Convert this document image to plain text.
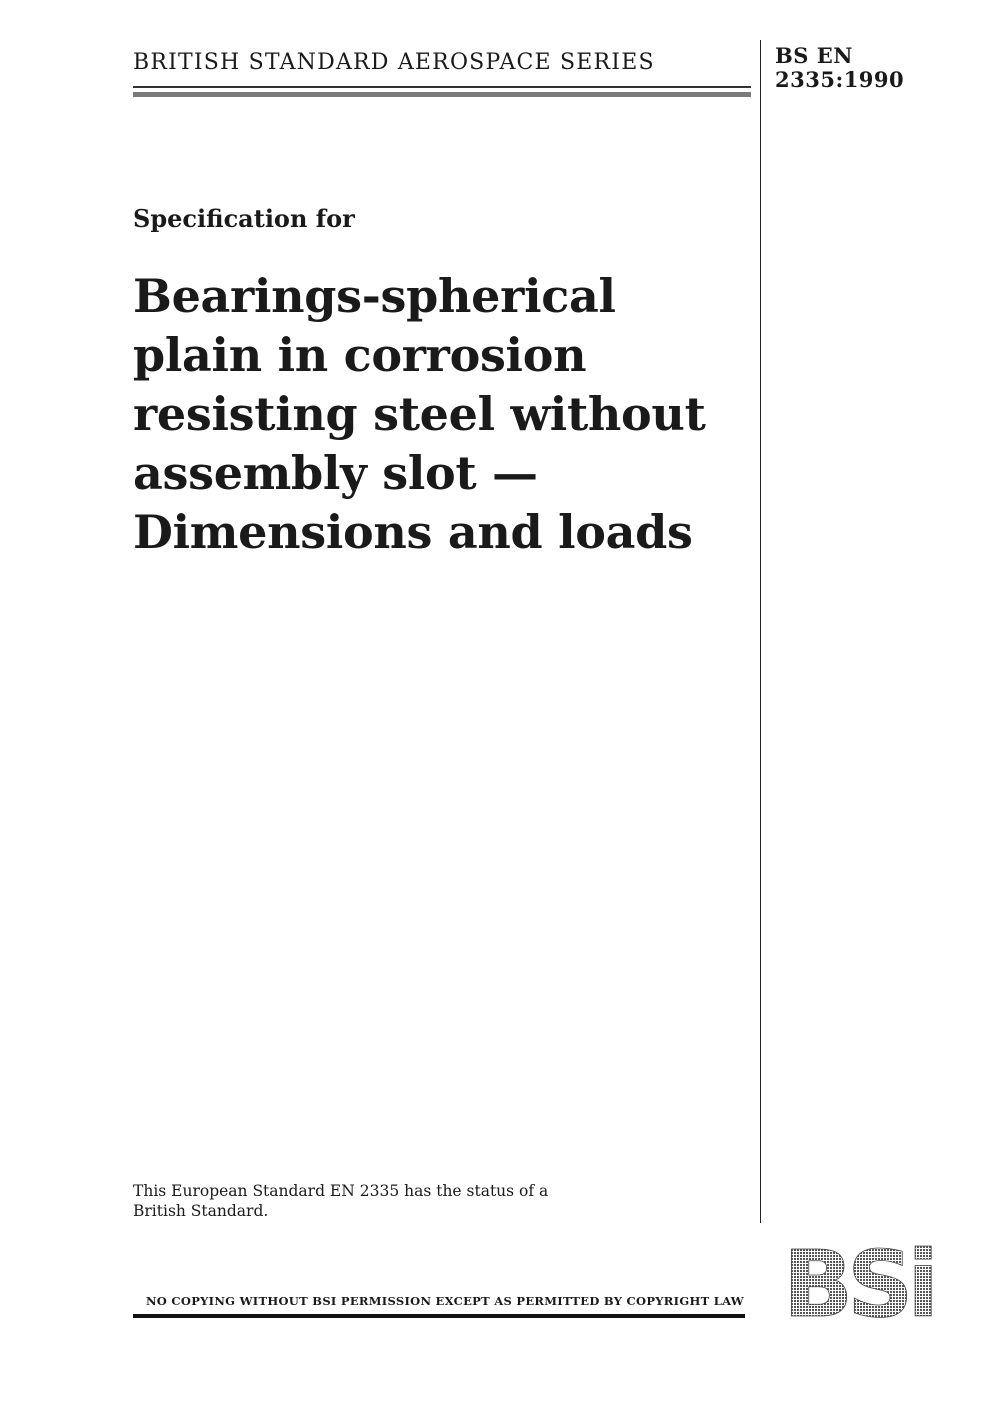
BRITISH STANDARD AEROSPACE SERIES	BS EN
2335:1990
Specification for
Bearings-spherical
plain in corrosion
resisting steel without
assembly slot —
Dimensions and loads
This European Standard EN 2335 has the status of a
British Standard.
NO COPYING WITHOUT BSI PERMISSION EXCEPT AS PERMITTED BY COPYRIGHT LAW BSi
